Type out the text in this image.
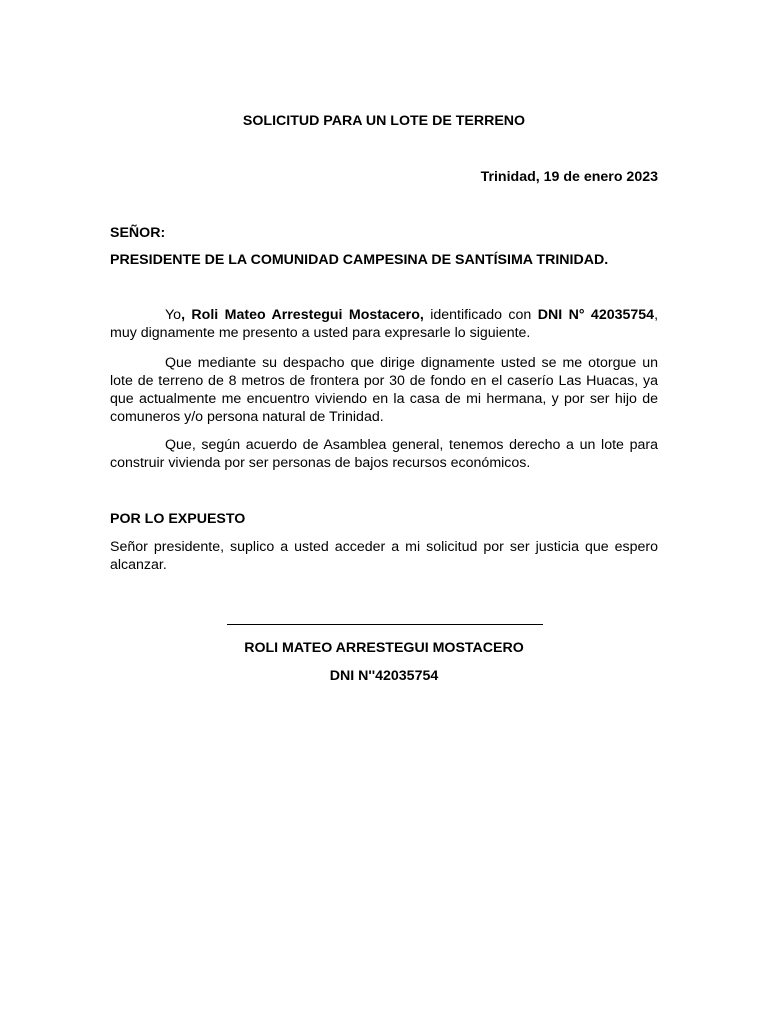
SOLICITUD PARA UN LOTE DE TERRENO
Trinidad, 19 de enero 2023
SEÑOR:
PRESIDENTE DE LA COMUNIDAD CAMPESINA DE SANTÍSIMA TRINIDAD.
Yo, Roli Mateo Arrestegui Mostacero, identificado con DNI N° 42035754, muy dignamente me presento a usted para expresarle lo siguiente.
Que mediante su despacho que dirige dignamente usted se me otorgue un lote de terreno de 8 metros de frontera por 30 de fondo en el caserío Las Huacas, ya que actualmente me encuentro viviendo en la casa de mi hermana, y por ser hijo de comuneros y/o persona natural de Trinidad.
Que, según acuerdo de Asamblea general, tenemos derecho a un lote para construir vivienda por ser personas de bajos recursos económicos.
POR LO EXPUESTO
Señor presidente, suplico a usted acceder a mi solicitud por ser justicia que espero alcanzar.
ROLI MATEO ARRESTEGUI MOSTACERO
DNI N''42035754
